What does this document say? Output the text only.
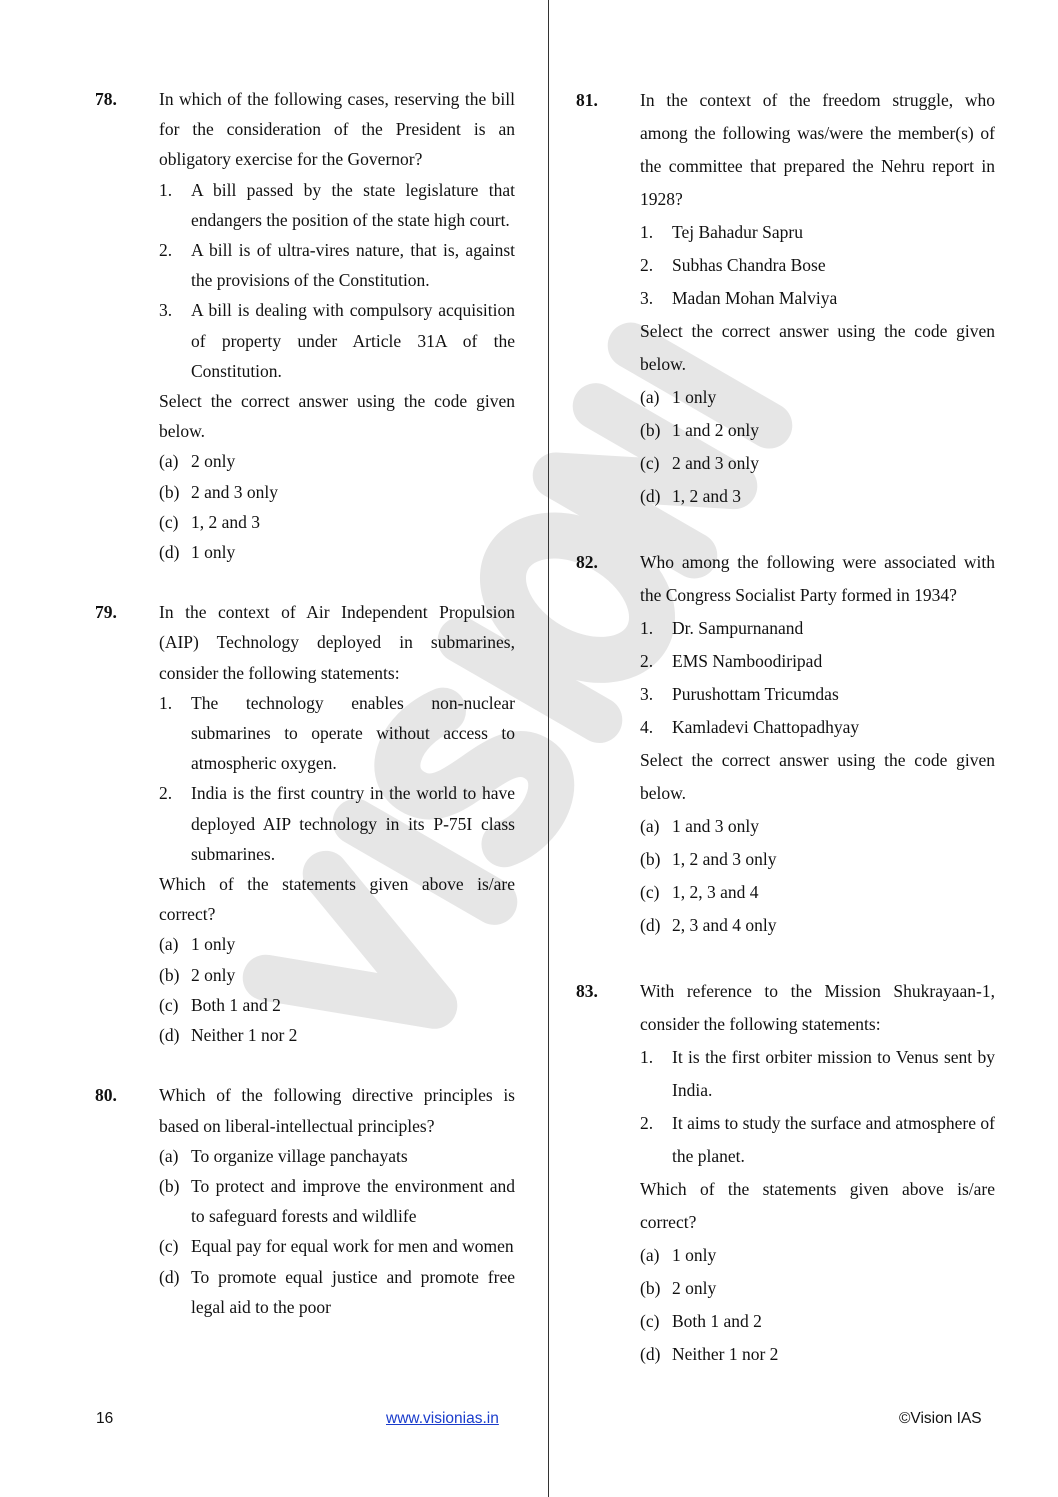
78.	In which of the following cases, reserving the bill for the consideration of the President is an obligatory exercise for the Governor?
1.	A bill passed by the state legislature that endangers the position of the state high court.
2.	A bill is of ultra-vires nature, that is, against the provisions of the Constitution.
3.	A bill is dealing with compulsory acquisition of property under Article 31A of the Constitution.
Select the correct answer using the code given below.
(a) 2 only
(b) 2 and 3 only
(c) 1, 2 and 3
(d) 1 only
79.	In the context of Air Independent Propulsion (AIP) Technology deployed in submarines, consider the following statements:
1.	The technology enables non-nuclear submarines to operate without access to atmospheric oxygen.
2.	India is the first country in the world to have deployed AIP technology in its P-75I class submarines.
Which of the statements given above is/are correct?
(a) 1 only
(b) 2 only
(c) Both 1 and 2
(d) Neither 1 nor 2
80.	Which of the following directive principles is based on liberal-intellectual principles?
(a) To organize village panchayats
(b) To protect and improve the environment and to safeguard forests and wildlife
(c) Equal pay for equal work for men and women
(d) To promote equal justice and promote free legal aid to the poor
81.	In the context of the freedom struggle, who among the following was/were the member(s) of the committee that prepared the Nehru report in 1928?
1.	Tej Bahadur Sapru
2.	Subhas Chandra Bose
3.	Madan Mohan Malviya
Select the correct answer using the code given below.
(a) 1 only
(b) 1 and 2 only
(c) 2 and 3 only
(d) 1, 2 and 3
82.	Who among the following were associated with the Congress Socialist Party formed in 1934?
1.	Dr. Sampurnanand
2.	EMS Namboodiripad
3.	Purushottam Tricumdas
4.	Kamladevi Chattopadhyay
Select the correct answer using the code given below.
(a) 1 and 3 only
(b) 1, 2 and 3 only
(c) 1, 2, 3 and 4
(d) 2, 3 and 4 only
83.	With reference to the Mission Shukrayaan-1, consider the following statements:
1.	It is the first orbiter mission to Venus sent by India.
2.	It aims to study the surface and atmosphere of the planet.
Which of the statements given above is/are correct?
(a) 1 only
(b) 2 only
(c) Both 1 and 2
(d) Neither 1 nor 2
16	www.visionias.in	©Vision IAS
